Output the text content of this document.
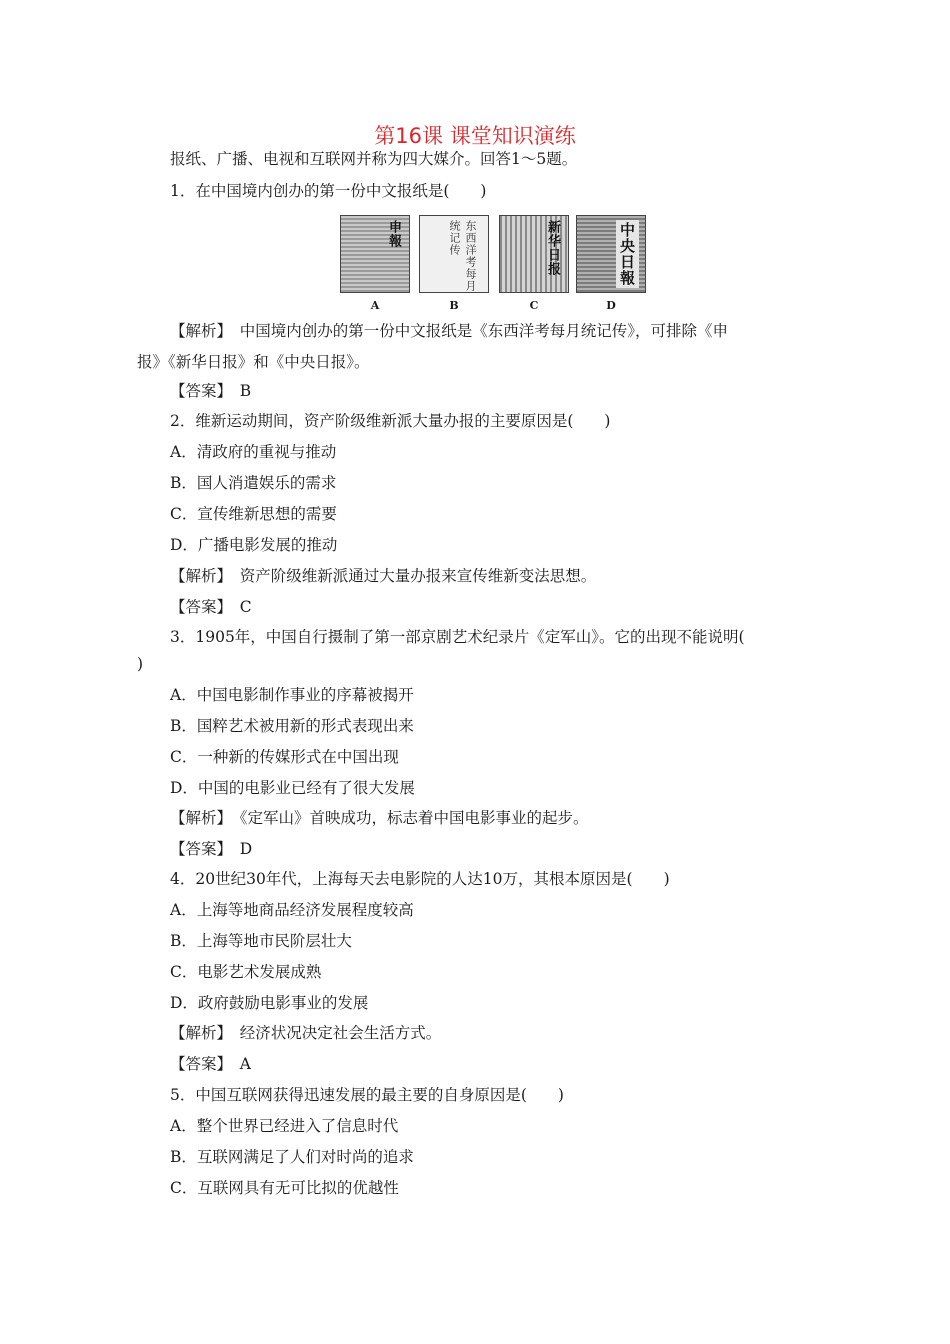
第16课 课堂知识演练
报纸、广播、电视和互联网并称为四大媒介。回答1～5题。
1．在中国境内创办的第一份中文报纸是(　　)
申報	东西洋考每月统记传	新华日报	中央日報
A	B	C	D
【解析】　中国境内创办的第一份中文报纸是《东西洋考每月统记传》，可排除《申
报》《新华日报》和《中央日报》。
【答案】　B
2．维新运动期间，资产阶级维新派大量办报的主要原因是(　　)
A．清政府的重视与推动
B．国人消遣娱乐的需求
C．宣传维新思想的需要
D．广播电影发展的推动
【解析】　资产阶级维新派通过大量办报来宣传维新变法思想。
【答案】　C
3．1905年，中国自行摄制了第一部京剧艺术纪录片《定军山》。它的出现不能说明(
)
A．中国电影制作事业的序幕被揭开
B．国粹艺术被用新的形式表现出来
C．一种新的传媒形式在中国出现
D．中国的电影业已经有了很大发展
【解析】　《定军山》首映成功，标志着中国电影事业的起步。
【答案】　D
4．20世纪30年代，上海每天去电影院的人达10万，其根本原因是(　　)
A．上海等地商品经济发展程度较高
B．上海等地市民阶层壮大
C．电影艺术发展成熟
D．政府鼓励电影事业的发展
【解析】　经济状况决定社会生活方式。
【答案】　A
5．中国互联网获得迅速发展的最主要的自身原因是(　　)
A．整个世界已经进入了信息时代
B．互联网满足了人们对时尚的追求
C．互联网具有无可比拟的优越性
